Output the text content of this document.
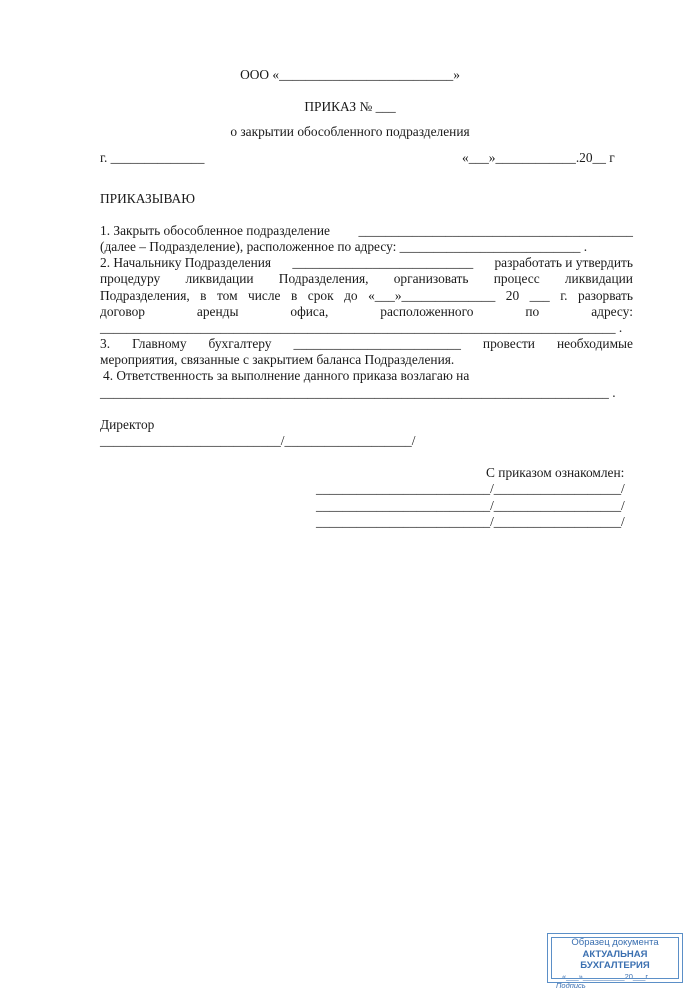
ООО «__________________________»
ПРИКАЗ № ___
о закрытии обособленного подразделения
г. ______________	«___»____________.20__ г
ПРИКАЗЫВАЮ
1. Закрыть обособленное подразделение _________________________________________
(далее – Подразделение), расположенное по адресу: ___________________________ .
2. Начальнику Подразделения ___________________________ разработать и утвердить
процедуру ликвидации Подразделения, организовать процесс ликвидации
Подразделения, в том числе в срок до «___»______________ 20 ___ г. разорвать
договор	аренды	офиса,	расположенного	по	адресу:
_____________________________________________________________________________ .
3. Главному бухгалтеру _________________________ провести необходимые
мероприятия, связанные с закрытием баланса Подразделения.
4. Ответственность за выполнение данного приказа возлагаю на
____________________________________________________________________________ .
Директор
___________________________/___________________/
С приказом ознакомлен:
__________________________/___________________/
__________________________/___________________/
__________________________/___________________/
Образец документа
АКТУАЛЬНАЯ БУХГАЛТЕРИЯ
«___»__________20___г.
Подпись
